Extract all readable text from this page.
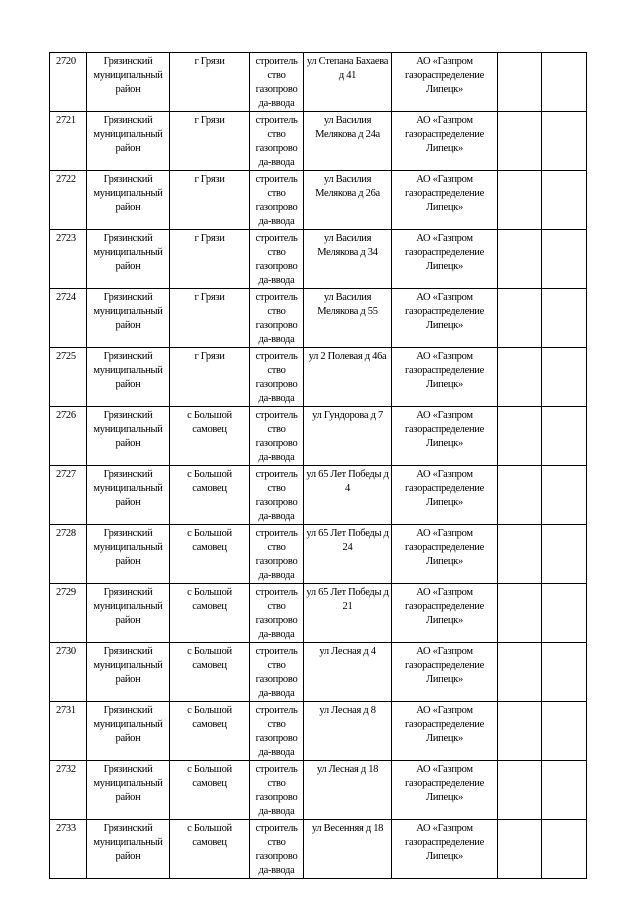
2720	Грязинский муниципальный район	г Грязи	строитель
ство
газопрово
да-ввода	ул Степана Бахаева д 41	АО «Газпром газораспределение Липецк»		
2721	Грязинский муниципальный район	г Грязи	строитель
ство
газопрово
да-ввода	ул Василия Мелякова д 24а	АО «Газпром газораспределение Липецк»		
2722	Грязинский муниципальный район	г Грязи	строитель
ство
газопрово
да-ввода	ул Василия Мелякова д 26а	АО «Газпром газораспределение Липецк»		
2723	Грязинский муниципальный район	г Грязи	строитель
ство
газопрово
да-ввода	ул Василия Мелякова д 34	АО «Газпром газораспределение Липецк»		
2724	Грязинский муниципальный район	г Грязи	строитель
ство
газопрово
да-ввода	ул Василия Мелякова д 55	АО «Газпром газораспределение Липецк»		
2725	Грязинский муниципальный район	г Грязи	строитель
ство
газопрово
да-ввода	ул 2 Полевая д 46а	АО «Газпром газораспределение Липецк»		
2726	Грязинский муниципальный район	с Большой самовец	строитель
ство
газопрово
да-ввода	ул Гундорова д 7	АО «Газпром газораспределение Липецк»		
2727	Грязинский муниципальный район	с Большой самовец	строитель
ство
газопрово
да-ввода	ул 65 Лет Победы д 4	АО «Газпром газораспределение Липецк»		
2728	Грязинский муниципальный район	с Большой самовец	строитель
ство
газопрово
да-ввода	ул 65 Лет Победы д 24	АО «Газпром газораспределение Липецк»		
2729	Грязинский муниципальный район	с Большой самовец	строитель
ство
газопрово
да-ввода	ул 65 Лет Победы д 21	АО «Газпром газораспределение Липецк»		
2730	Грязинский муниципальный район	с Большой самовец	строитель
ство
газопрово
да-ввода	ул Лесная д 4	АО «Газпром газораспределение Липецк»		
2731	Грязинский муниципальный район	с Большой самовец	строитель
ство
газопрово
да-ввода	ул Лесная д 8	АО «Газпром газораспределение Липецк»		
2732	Грязинский муниципальный район	с Большой самовец	строитель
ство
газопрово
да-ввода	ул Лесная д 18	АО «Газпром газораспределение Липецк»		
2733	Грязинский муниципальный район	с Большой самовец	строитель
ство
газопрово
да-ввода	ул Весенняя д 18	АО «Газпром газораспределение Липецк»		
